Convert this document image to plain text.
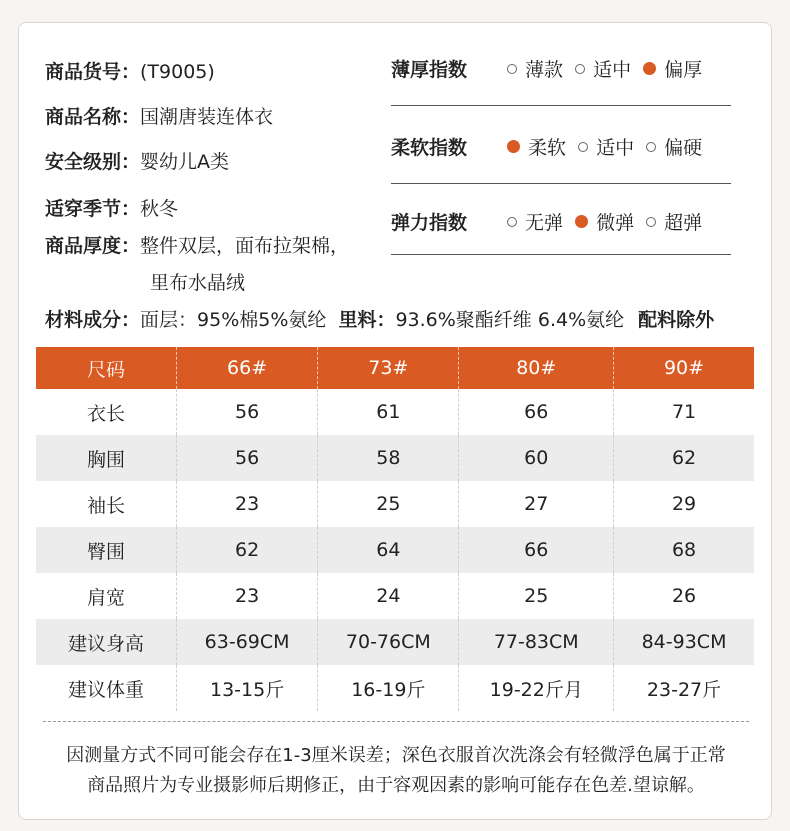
商品货号：(T9005)
商品名称：国潮唐装连体衣
安全级别：婴幼儿A类
适穿季节：秋冬
商品厚度：整件双层，面布拉架棉，
里布水晶绒
材料成分：面层：95%棉5%氨纶 里料：93.6%聚酯纤维 6.4%氨纶 配料除外
薄厚指数	薄款 适中 偏厚
柔软指数	柔软 适中 偏硬
弹力指数	无弹 微弹 超弹
尺码	66#	73#	80#	90#
衣长	56	61	66	71
胸围	56	58	60	62
袖长	23	25	27	29
臀围	62	64	66	68
肩宽	23	24	25	26
建议身高	63-69CM	70-76CM	77-83CM	84-93CM
建议体重	13-15斤	16-19斤	19-22斤月	23-27斤
因测量方式不同可能会存在1-3厘米误差；深色衣服首次洗涤会有轻微浮色属于正常
商品照片为专业摄影师后期修正，由于容观因素的影响可能存在色差.望谅解。
